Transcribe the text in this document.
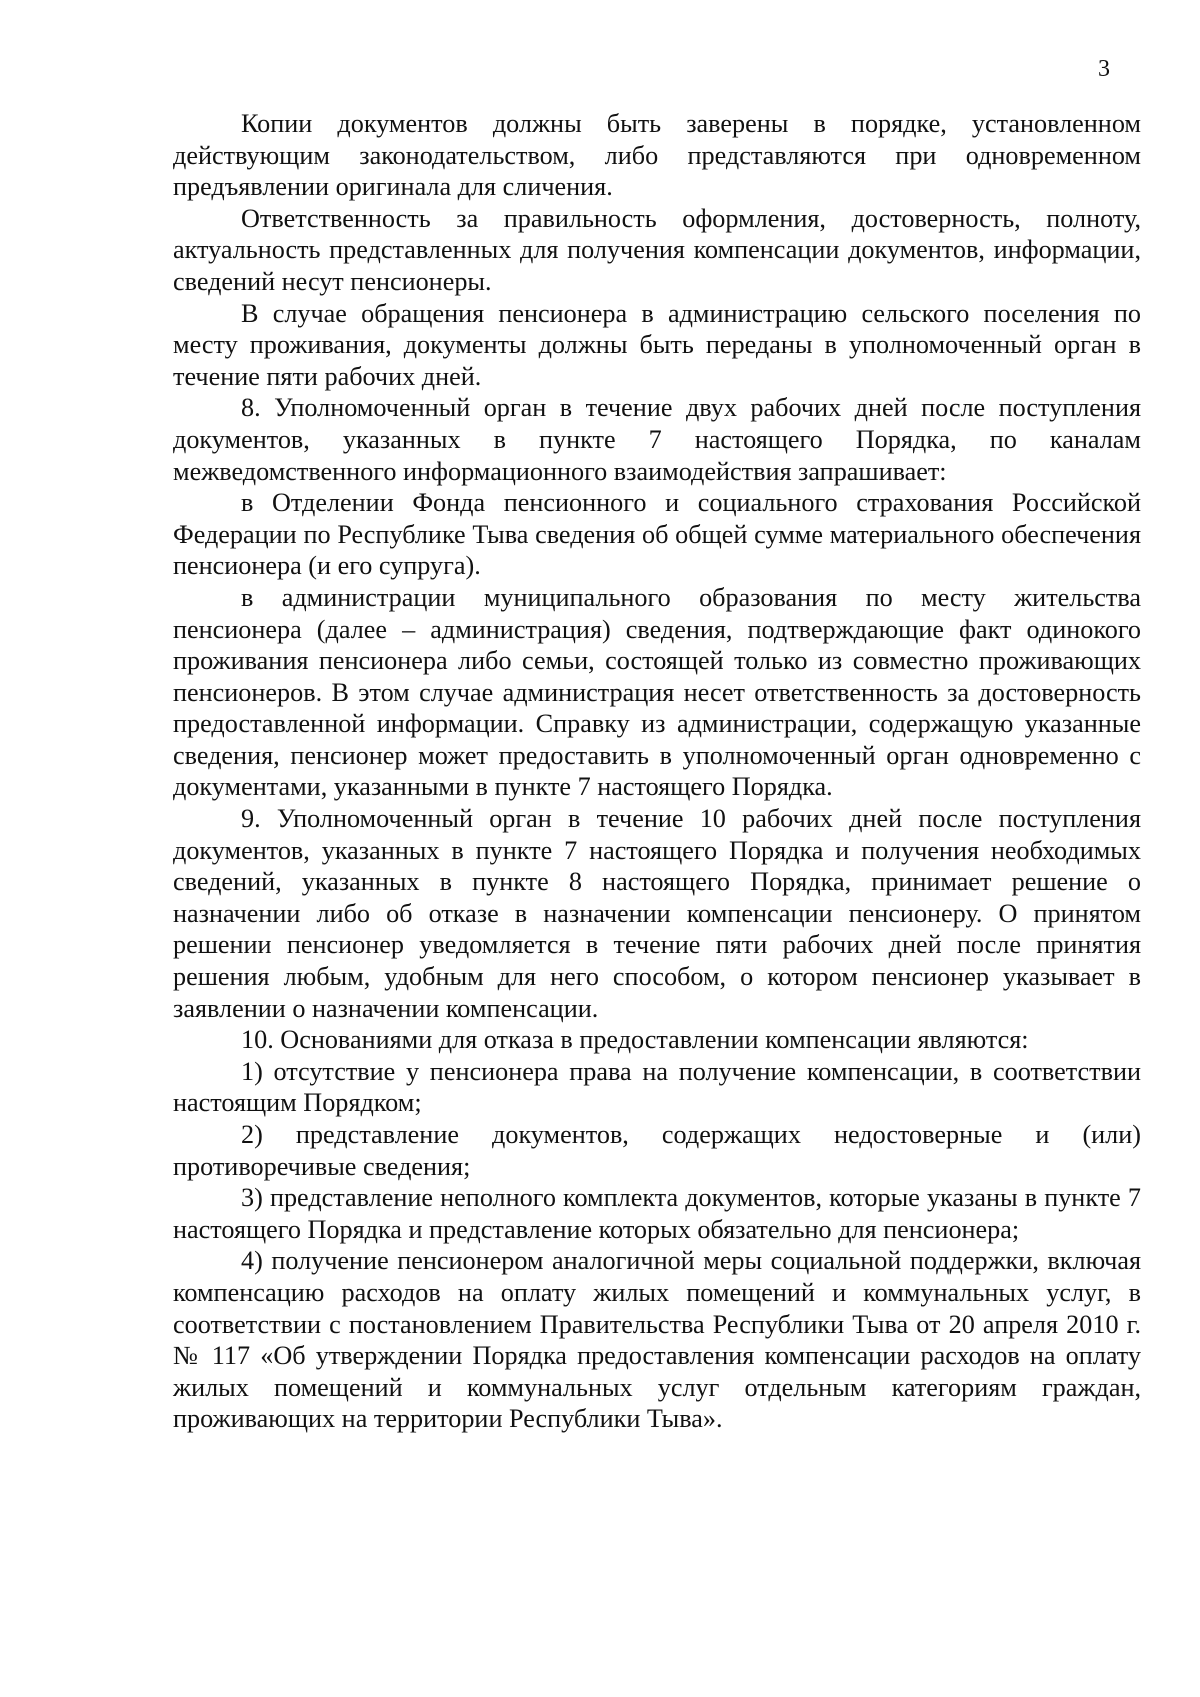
3

Копии документов должны быть заверены в порядке, установленном действующим законодательством, либо представляются при одновременном предъявлении оригинала для сличения.

Ответственность за правильность оформления, достоверность, полноту, актуальность представленных для получения компенсации документов, информации, сведений несут пенсионеры.

В случае обращения пенсионера в администрацию сельского поселения по месту проживания, документы должны быть переданы в уполномоченный орган в течение пяти рабочих дней.

8. Уполномоченный орган в течение двух рабочих дней после поступления документов, указанных в пункте 7 настоящего Порядка, по каналам межведомственного информационного взаимодействия запрашивает:

в Отделении Фонда пенсионного и социального страхования Российской Федерации по Республике Тыва сведения об общей сумме материального обеспечения пенсионера (и его супруга).

в администрации муниципального образования по месту жительства пенсионера (далее – администрация) сведения, подтверждающие факт одинокого проживания пенсионера либо семьи, состоящей только из совместно проживающих пенсионеров. В этом случае администрация несет ответственность за достоверность предоставленной информации. Справку из администрации, содержащую указанные сведения, пенсионер может предоставить в уполномоченный орган одновременно с документами, указанными в пункте 7 настоящего Порядка.

9. Уполномоченный орган в течение 10 рабочих дней после поступления документов, указанных в пункте 7 настоящего Порядка и получения необходимых сведений, указанных в пункте 8 настоящего Порядка, принимает решение о назначении либо об отказе в назначении компенсации пенсионеру. О принятом решении пенсионер уведомляется в течение пяти рабочих дней после принятия решения любым, удобным для него способом, о котором пенсионер указывает в заявлении о назначении компенсации.

10. Основаниями для отказа в предоставлении компенсации являются:

1) отсутствие у пенсионера права на получение компенсации, в соответствии настоящим Порядком;

2) представление документов, содержащих недостоверные и (или) противоречивые сведения;

3) представление неполного комплекта документов, которые указаны в пункте 7 настоящего Порядка и представление которых обязательно для пенсионера;

4) получение пенсионером аналогичной меры социальной поддержки, включая компенсацию расходов на оплату жилых помещений и коммунальных услуг, в соответствии с постановлением Правительства Республики Тыва от 20 апреля 2010 г. № 117 «Об утверждении Порядка предоставления компенсации расходов на оплату жилых помещений и коммунальных услуг отдельным категориям граждан, проживающих на территории Республики Тыва».
